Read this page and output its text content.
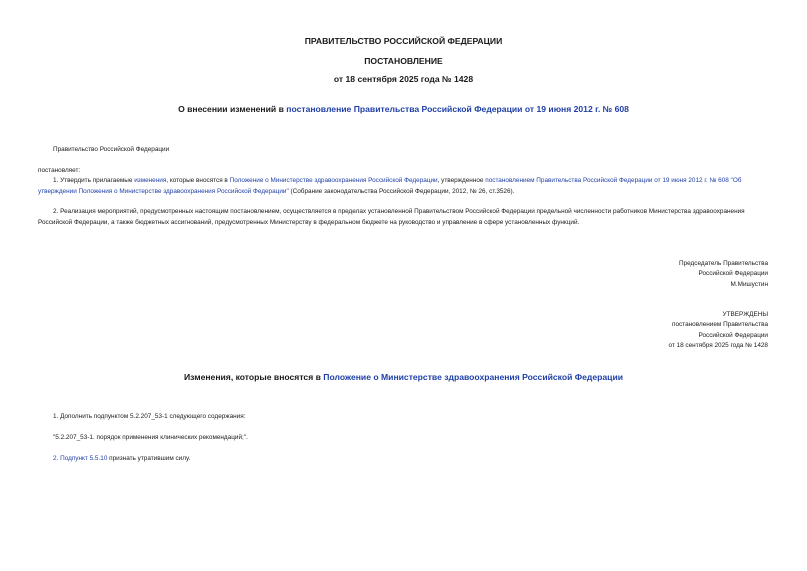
ПРАВИТЕЛЬСТВО РОССИЙСКОЙ ФЕДЕРАЦИИ
ПОСТАНОВЛЕНИЕ
от 18 сентября 2025 года № 1428
О внесении изменений в постановление Правительства Российской Федерации от 19 июня 2012 г. № 608
Правительство Российской Федерации
постановляет:
1. Утвердить прилагаемые изменения, которые вносятся в Положение о Министерстве здравоохранения Российской Федерации, утвержденное постановлением Правительства Российской Федерации от 19 июня 2012 г. № 608 "Об утверждении Положения о Министерстве здравоохранения Российской Федерации" (Собрание законодательства Российской Федерации, 2012, № 26, ст.3526).
2. Реализация мероприятий, предусмотренных настоящим постановлением, осуществляется в пределах установленной Правительством Российской Федерации предельной численности работников Министерства здравоохранения Российской Федерации, а также бюджетных ассигнований, предусмотренных Министерству в федеральном бюджете на руководство и управление в сфере установленных функций.
Председатель Правительства
Российской Федерации
М.Мишустин
УТВЕРЖДЕНЫ
постановлением Правительства
Российской Федерации
от 18 сентября 2025 года № 1428
Изменения, которые вносятся в Положение о Министерстве здравоохранения Российской Федерации
1. Дополнить подпунктом 5.2.207_53-1 следующего содержания:
"5.2.207_53-1. порядок применения клинических рекомендаций;".
2. Подпункт 5.5.10 признать утратившим силу.
